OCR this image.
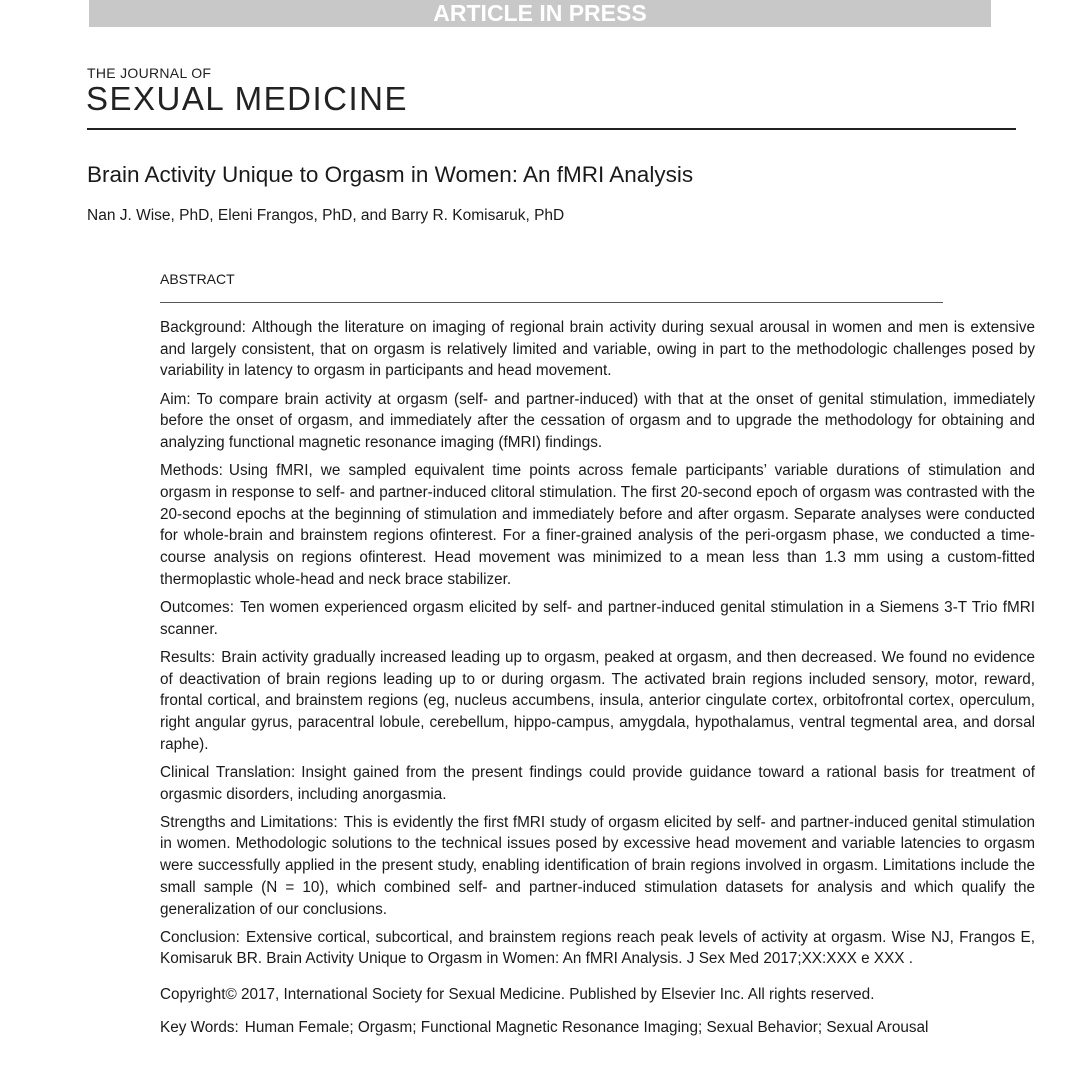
ARTICLE IN PRESS
THE JOURNAL OF
SEXUAL MEDICINE
Brain Activity Unique to Orgasm in Women: An fMRI Analysis
Nan J. Wise, PhD, Eleni Frangos, PhD, and Barry R. Komisaruk, PhD
ABSTRACT

Background: Although the literature on imaging of regional brain activity during sexual arousal in women and men is extensive and largely consistent, that on orgasm is relatively limited and variable, owing in part to the methodologic challenges posed by variability in latency to orgasm in participants and head movement.

Aim: To compare brain activity at orgasm (self- and partner-induced) with that at the onset of genital stimulation, immediately before the onset of orgasm, and immediately after the cessation of orgasm and to upgrade the methodology for obtaining and analyzing functional magnetic resonance imaging (fMRI) findings.

Methods: Using fMRI, we sampled equivalent time points across female participants’ variable durations of stimulation and orgasm in response to self- and partner-induced clitoral stimulation. The first 20-second epoch of orgasm was contrasted with the 20-second epochs at the beginning of stimulation and immediately before and after orgasm. Separate analyses were conducted for whole-brain and brainstem regions ofinterest. For a finer-grained analysis of the peri-orgasm phase, we conducted a time-course analysis on regions ofinterest. Head movement was minimized to a mean less than 1.3 mm using a custom-fitted thermoplastic whole-head and neck brace stabilizer.

Outcomes: Ten women experienced orgasm elicited by self- and partner-induced genital stimulation in a Siemens 3-T Trio fMRI scanner.

Results: Brain activity gradually increased leading up to orgasm, peaked at orgasm, and then decreased. We found no evidence of deactivation of brain regions leading up to or during orgasm. The activated brain regions included sensory, motor, reward, frontal cortical, and brainstem regions (eg, nucleus accumbens, insula, anterior cingulate cortex, orbitofrontal cortex, operculum, right angular gyrus, paracentral lobule, cerebellum, hippo-campus, amygdala, hypothalamus, ventral tegmental area, and dorsal raphe).

Clinical Translation: Insight gained from the present findings could provide guidance toward a rational basis for treatment of orgasmic disorders, including anorgasmia.

Strengths and Limitations: This is evidently the first fMRI study of orgasm elicited by self- and partner-induced genital stimulation in women. Methodologic solutions to the technical issues posed by excessive head movement and variable latencies to orgasm were successfully applied in the present study, enabling identification of brain regions involved in orgasm. Limitations include the small sample (N = 10), which combined self- and partner-induced stimulation datasets for analysis and which qualify the generalization of our conclusions.

Conclusion: Extensive cortical, subcortical, and brainstem regions reach peak levels of activity at orgasm. Wise NJ, Frangos E, Komisaruk BR. Brain Activity Unique to Orgasm in Women: An fMRI Analysis. J Sex Med 2017;XX:XXX e XXX .

Copyright© 2017, International Society for Sexual Medicine. Published by Elsevier Inc. All rights reserved.

Key Words: Human Female; Orgasm; Functional Magnetic Resonance Imaging; Sexual Behavior; Sexual Arousal
